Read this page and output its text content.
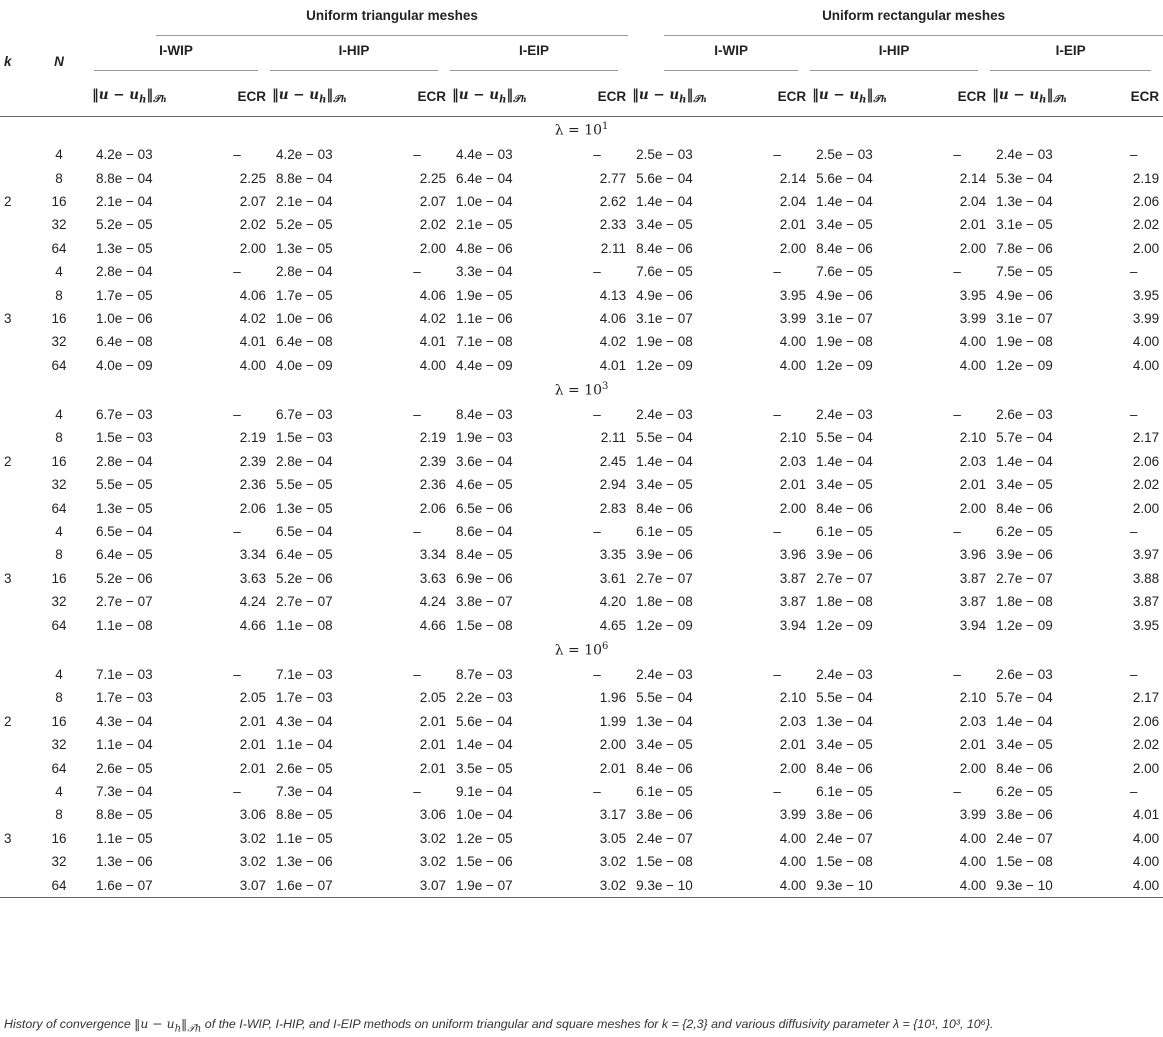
k	N	Uniform triangular meshes						Uniform rectangular meshes					

		I-WIP		I-HIP		I-EIP		I-WIP		I-HIP		I-EIP	

		‖u − $u_h‖_{𝒯h}$	ECR	‖u − $u_h‖_{𝒯h}$	ECR	‖u − $u_h‖_{𝒯h}$	ECR	‖u − $u_h‖_{𝒯h}$	ECR	‖u − $u_h‖_{𝒯h}$	ECR	‖u − $u_h‖_{𝒯h}$	ECR
$\lambda = 10^1$
2	4	4.2e − 03	–	4.2e − 03	–	4.4e − 03	–	2.5e − 03	–	2.5e − 03	–	2.4e − 03	–
	8	8.8e − 04	2.25	8.8e − 04	2.25	6.4e − 04	2.77	5.6e − 04	2.14	5.6e − 04	2.14	5.3e − 04	2.19
	16	2.1e − 04	2.07	2.1e − 04	2.07	1.0e − 04	2.62	1.4e − 04	2.04	1.4e − 04	2.04	1.3e − 04	2.06
	32	5.2e − 05	2.02	5.2e − 05	2.02	2.1e − 05	2.33	3.4e − 05	2.01	3.4e − 05	2.01	3.1e − 05	2.02
	64	1.3e − 05	2.00	1.3e − 05	2.00	4.8e − 06	2.11	8.4e − 06	2.00	8.4e − 06	2.00	7.8e − 06	2.00
3	4	2.8e − 04	–	2.8e − 04	–	3.3e − 04	–	7.6e − 05	–	7.6e − 05	–	7.5e − 05	–
	8	1.7e − 05	4.06	1.7e − 05	4.06	1.9e − 05	4.13	4.9e − 06	3.95	4.9e − 06	3.95	4.9e − 06	3.95
	16	1.0e − 06	4.02	1.0e − 06	4.02	1.1e − 06	4.06	3.1e − 07	3.99	3.1e − 07	3.99	3.1e − 07	3.99
	32	6.4e − 08	4.01	6.4e − 08	4.01	7.1e − 08	4.02	1.9e − 08	4.00	1.9e − 08	4.00	1.9e − 08	4.00
	64	4.0e − 09	4.00	4.0e − 09	4.00	4.4e − 09	4.01	1.2e − 09	4.00	1.2e − 09	4.00	1.2e − 09	4.00
$\lambda = 10^3$
2	4	6.7e − 03	–	6.7e − 03	–	8.4e − 03	–	2.4e − 03	–	2.4e − 03	–	2.6e − 03	–
	8	1.5e − 03	2.19	1.5e − 03	2.19	1.9e − 03	2.11	5.5e − 04	2.10	5.5e − 04	2.10	5.7e − 04	2.17
	16	2.8e − 04	2.39	2.8e − 04	2.39	3.6e − 04	2.45	1.4e − 04	2.03	1.4e − 04	2.03	1.4e − 04	2.06
	32	5.5e − 05	2.36	5.5e − 05	2.36	4.6e − 05	2.94	3.4e − 05	2.01	3.4e − 05	2.01	3.4e − 05	2.02
	64	1.3e − 05	2.06	1.3e − 05	2.06	6.5e − 06	2.83	8.4e − 06	2.00	8.4e − 06	2.00	8.4e − 06	2.00
3	4	6.5e − 04	–	6.5e − 04	–	8.6e − 04	–	6.1e − 05	–	6.1e − 05	–	6.2e − 05	–
	8	6.4e − 05	3.34	6.4e − 05	3.34	8.4e − 05	3.35	3.9e − 06	3.96	3.9e − 06	3.96	3.9e − 06	3.97
	16	5.2e − 06	3.63	5.2e − 06	3.63	6.9e − 06	3.61	2.7e − 07	3.87	2.7e − 07	3.87	2.7e − 07	3.88
	32	2.7e − 07	4.24	2.7e − 07	4.24	3.8e − 07	4.20	1.8e − 08	3.87	1.8e − 08	3.87	1.8e − 08	3.87
	64	1.1e − 08	4.66	1.1e − 08	4.66	1.5e − 08	4.65	1.2e − 09	3.94	1.2e − 09	3.94	1.2e − 09	3.95
$\lambda = 10^6$
2	4	7.1e − 03	–	7.1e − 03	–	8.7e − 03	–	2.4e − 03	–	2.4e − 03	–	2.6e − 03	–
	8	1.7e − 03	2.05	1.7e − 03	2.05	2.2e − 03	1.96	5.5e − 04	2.10	5.5e − 04	2.10	5.7e − 04	2.17
	16	4.3e − 04	2.01	4.3e − 04	2.01	5.6e − 04	1.99	1.3e − 04	2.03	1.3e − 04	2.03	1.4e − 04	2.06
	32	1.1e − 04	2.01	1.1e − 04	2.01	1.4e − 04	2.00	3.4e − 05	2.01	3.4e − 05	2.01	3.4e − 05	2.02
	64	2.6e − 05	2.01	2.6e − 05	2.01	3.5e − 05	2.01	8.4e − 06	2.00	8.4e − 06	2.00	8.4e − 06	2.00
3	4	7.3e − 04	–	7.3e − 04	–	9.1e − 04	–	6.1e − 05	–	6.1e − 05	–	6.2e − 05	–
	8	8.8e − 05	3.06	8.8e − 05	3.06	1.0e − 04	3.17	3.8e − 06	3.99	3.8e − 06	3.99	3.8e − 06	4.01
	16	1.1e − 05	3.02	1.1e − 05	3.02	1.2e − 05	3.05	2.4e − 07	4.00	2.4e − 07	4.00	2.4e − 07	4.00
	32	1.3e − 06	3.02	1.3e − 06	3.02	1.5e − 06	3.02	1.5e − 08	4.00	1.5e − 08	4.00	1.5e − 08	4.00
	64	1.6e − 07	3.07	1.6e − 07	3.07	1.9e − 07	3.02	9.3e − 10	4.00	9.3e − 10	4.00	9.3e − 10	4.00
History of convergence ‖u − $u_h‖_{𝒯h}$ of the I-WIP, I-HIP, and I-EIP methods on uniform triangular and square meshes for k = {2,3} and various diffusivity parameter λ = {10¹, 10³, 10⁶}.
